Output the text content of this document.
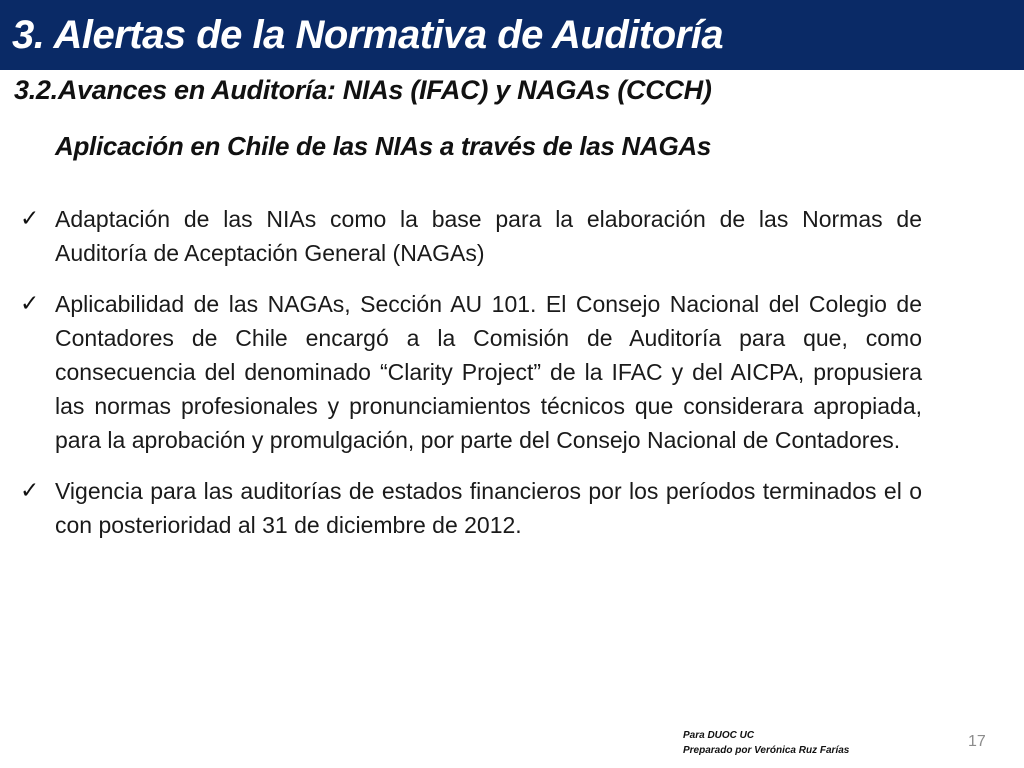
3. Alertas de la Normativa de Auditoría
3.2.Avances en Auditoría: NIAs (IFAC) y NAGAs (CCCH)
Aplicación en Chile de las NIAs a través de las NAGAs
✓ Adaptación de las NIAs como la base para la elaboración de las Normas de Auditoría de Aceptación General (NAGAs)
✓ Aplicabilidad de las NAGAs, Sección AU 101. El Consejo Nacional del Colegio de Contadores de Chile encargó a la Comisión de Auditoría para que, como consecuencia del denominado “Clarity Project” de la IFAC y del AICPA, propusiera las normas profesionales y pronunciamientos técnicos que considerara apropiada, para la aprobación y promulgación, por parte del Consejo Nacional de Contadores.
✓ Vigencia para las auditorías de estados financieros por los períodos terminados el o con posterioridad al 31 de diciembre de 2012.
Para DUOC UC
Preparado por Verónica Ruz Farías
17
